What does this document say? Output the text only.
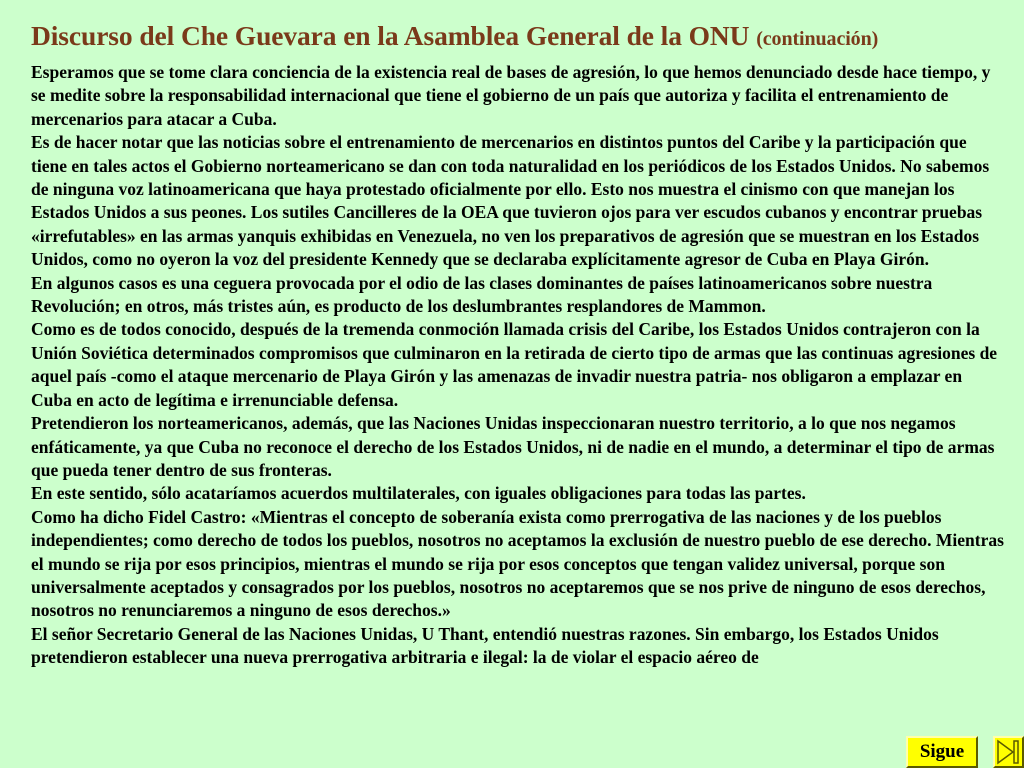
Discurso del Che Guevara en la Asamblea General de la ONU (continuación)

Esperamos que se tome clara conciencia de la existencia real de bases de agresión, lo que hemos denunciado desde hace tiempo, y se medite sobre la responsabilidad internacional que tiene el gobierno de un país que autoriza y facilita el entrenamiento de mercenarios para atacar a Cuba.

Es de hacer notar que las noticias sobre el entrenamiento de mercenarios en distintos puntos del Caribe y la participación que tiene en tales actos el Gobierno norteamericano se dan con toda naturalidad en los periódicos de los Estados Unidos. No sabemos de ninguna voz latinoamericana que haya protestado oficialmente por ello. Esto nos muestra el cinismo con que manejan los Estados Unidos a sus peones. Los sutiles Cancilleres de la OEA que tuvieron ojos para ver escudos cubanos y encontrar pruebas «irrefutables» en las armas yanquis exhibidas en Venezuela, no ven los preparativos de agresión que se muestran en los Estados Unidos, como no oyeron la voz del presidente Kennedy que se declaraba explícitamente agresor de Cuba en Playa Girón.

En algunos casos es una ceguera provocada por el odio de las clases dominantes de países latinoamericanos sobre nuestra Revolución; en otros, más tristes aún, es producto de los deslumbrantes resplandores de Mammon.

Como es de todos conocido, después de la tremenda conmoción llamada crisis del Caribe, los Estados Unidos contrajeron con la Unión Soviética determinados compromisos que culminaron en la retirada de cierto tipo de armas que las continuas agresiones de aquel país -como el ataque mercenario de Playa Girón y las amenazas de invadir nuestra patria- nos obligaron a emplazar en Cuba en acto de legítima e irrenunciable defensa.

Pretendieron los norteamericanos, además, que las Naciones Unidas inspeccionaran nuestro territorio, a lo que nos negamos enfáticamente, ya que Cuba no reconoce el derecho de los Estados Unidos, ni de nadie en el mundo, a determinar el tipo de armas que pueda tener dentro de sus fronteras.

En este sentido, sólo acataríamos acuerdos multilaterales, con iguales obligaciones para todas las partes.

Como ha dicho Fidel Castro: «Mientras el concepto de soberanía exista como prerrogativa de las naciones y de los pueblos independientes; como derecho de todos los pueblos, nosotros no aceptamos la exclusión de nuestro pueblo de ese derecho. Mientras el mundo se rija por esos principios, mientras el mundo se rija por esos conceptos que tengan validez universal, porque son universalmente aceptados y consagrados por los pueblos, nosotros no aceptaremos que se nos prive de ninguno de esos derechos, nosotros no renunciaremos a ninguno de esos derechos.»

El señor Secretario General de las Naciones Unidas, U Thant, entendió nuestras razones. Sin embargo, los Estados Unidos pretendieron establecer una nueva prerrogativa arbitraria e ilegal: la de violar el espacio aéreo de

Sigue
